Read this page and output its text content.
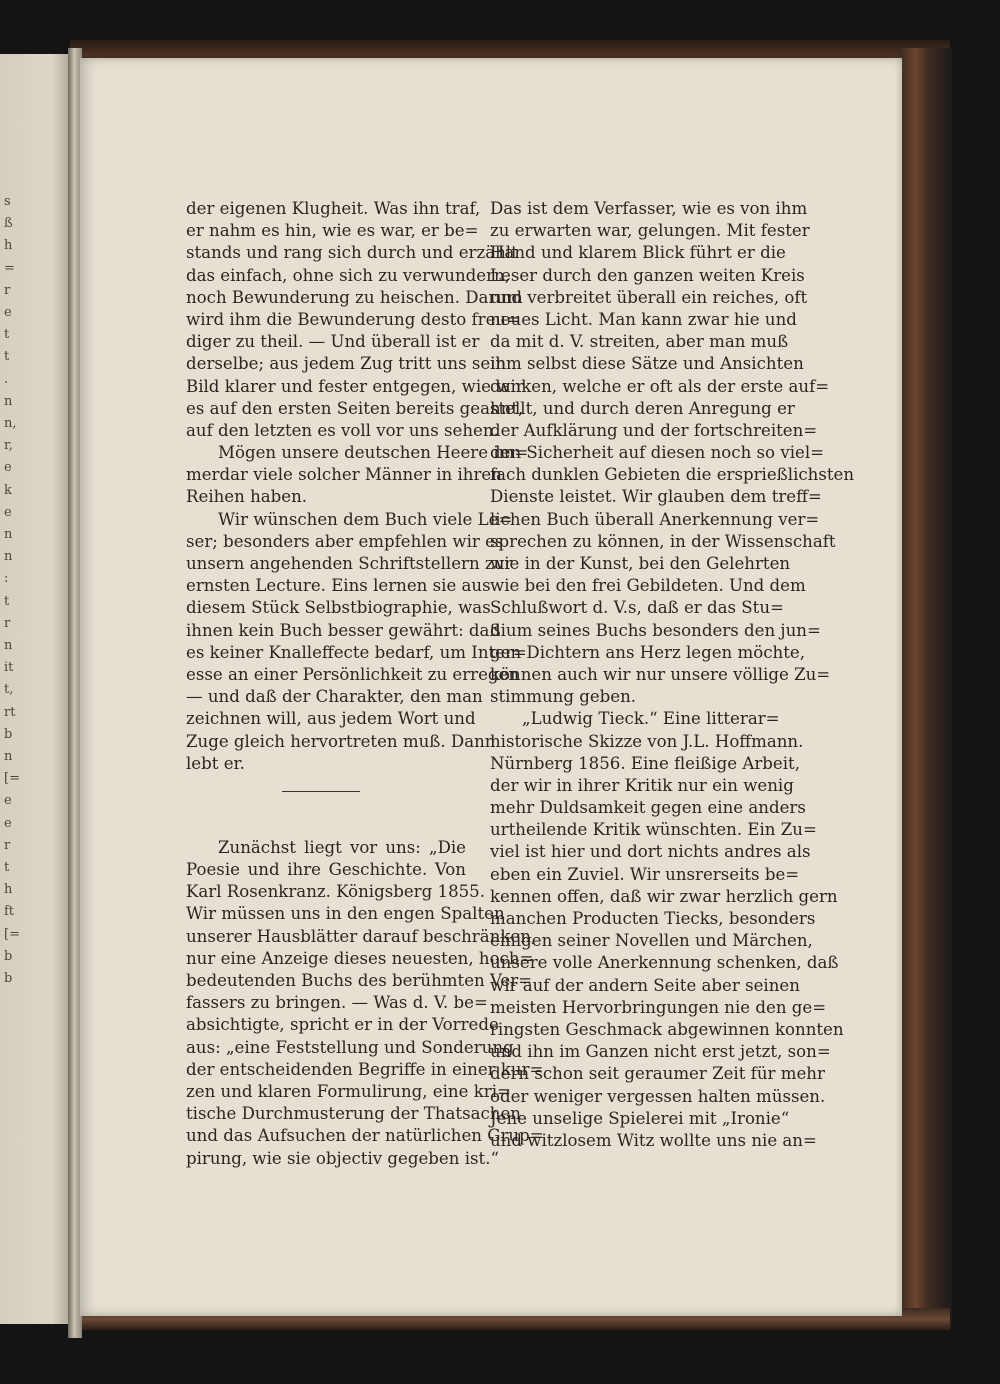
s
ß
h
=
r
e
t
t
.
n
n,
r,
e
k
e
n
n
:
t
r
n
it
t,
rt
b
n
[=
e
e
r
t
h
ft
[=
b
b
der eigenen Klugheit. Was ihn traf,
er nahm es hin, wie es war, er be=
stands und rang sich durch und erzählt
das einfach, ohne sich zu verwundern,
noch Bewunderung zu heischen. Darum
wird ihm die Bewunderung desto freu=
diger zu theil. — Und überall ist er
derselbe; aus jedem Zug tritt uns sein
Bild klarer und fester entgegen, wie wir
es auf den ersten Seiten bereits geahnt,
auf den letzten es voll vor uns sehen.
Mögen unsere deutschen Heere im=
merdar viele solcher Männer in ihren
Reihen haben.
Wir wünschen dem Buch viele Le=
ser; besonders aber empfehlen wir es
unsern angehenden Schriftstellern zur
ernsten Lecture. Eins lernen sie aus
diesem Stück Selbstbiographie, was
ihnen kein Buch besser gewährt: daß
es keiner Knalleffecte bedarf, um Inter=
esse an einer Persönlichkeit zu erregen
— und daß der Charakter, den man
zeichnen will, aus jedem Wort und
Zuge gleich hervortreten muß. Dann
lebt er.
Zunächst liegt vor uns: „Die
Poesie und ihre Geschichte. Von
Karl Rosenkranz. Königsberg 1855.
Wir müssen uns in den engen Spalten
unserer Hausblätter darauf beschränken,
nur eine Anzeige dieses neuesten, hoch=
bedeutenden Buchs des berühmten Ver=
fassers zu bringen. — Was d. V. be=
absichtigte, spricht er in der Vorrede
aus: „eine Feststellung und Sonderung
der entscheidenden Begriffe in einer kur=
zen und klaren Formulirung, eine kri=
tische Durchmusterung der Thatsachen
und das Aufsuchen der natürlichen Grup=
pirung, wie sie objectiv gegeben ist.“
Das ist dem Verfasser, wie es von ihm
zu erwarten war, gelungen. Mit fester
Hand und klarem Blick führt er die
Leser durch den ganzen weiten Kreis
und verbreitet überall ein reiches, oft
neues Licht. Man kann zwar hie und
da mit d. V. streiten, aber man muß
ihm selbst diese Sätze und Ansichten
danken, welche er oft als der erste auf=
stellt, und durch deren Anregung er
der Aufklärung und der fortschreiten=
den Sicherheit auf diesen noch so viel=
fach dunklen Gebieten die ersprießlichsten
Dienste leistet. Wir glauben dem treff=
lichen Buch überall Anerkennung ver=
sprechen zu können, in der Wissenschaft
wie in der Kunst, bei den Gelehrten
wie bei den frei Gebildeten. Und dem
Schlußwort d. V.s, daß er das Stu=
dium seines Buchs besonders den jun=
gen Dichtern ans Herz legen möchte,
können auch wir nur unsere völlige Zu=
stimmung geben.
„Ludwig Tieck.“ Eine litterar=
historische Skizze von J.L. Hoffmann.
Nürnberg 1856. Eine fleißige Arbeit,
der wir in ihrer Kritik nur ein wenig
mehr Duldsamkeit gegen eine anders
urtheilende Kritik wünschten. Ein Zu=
viel ist hier und dort nichts andres als
eben ein Zuviel. Wir unsrerseits be=
kennen offen, daß wir zwar herzlich gern
manchen Producten Tiecks, besonders
einigen seiner Novellen und Märchen,
unsere volle Anerkennung schenken, daß
wir auf der andern Seite aber seinen
meisten Hervorbringungen nie den ge=
ringsten Geschmack abgewinnen konnten
und ihn im Ganzen nicht erst jetzt, son=
dern schon seit geraumer Zeit für mehr
oder weniger vergessen halten müssen.
Jene unselige Spielerei mit „Ironie“
und witzlosem Witz wollte uns nie an=
